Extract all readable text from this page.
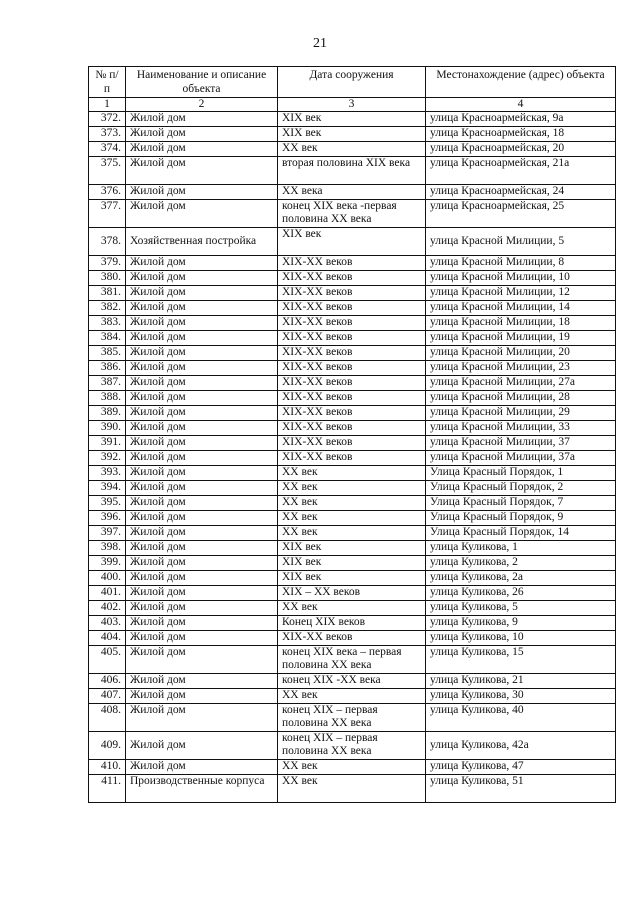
21
№ п/п	Наименование и описание объекта	Дата сооружения	Местонахождение (адрес) объекта
1	2	3	4
372.	Жилой дом	XIX век	улица Красноармейская, 9а
373.	Жилой дом	XIX век	улица Красноармейская, 18
374.	Жилой дом	XX век	улица Красноармейская, 20
375.	Жилой дом	вторая половина XIX века	улица Красноармейская, 21а
376.	Жилой дом	XX века	улица Красноармейская, 24
377.	Жилой дом	конец XIX века -первая половина XX века	улица Красноармейская, 25
378.	Хозяйственная постройка	XIX век	улица Красной Милиции, 5
379.	Жилой дом	XIX-XX веков	улица Красной Милиции, 8
380.	Жилой дом	XIX-XX веков	улица Красной Милиции, 10
381.	Жилой дом	XIX-XX веков	улица Красной Милиции, 12
382.	Жилой дом	XIX-XX веков	улица Красной Милиции, 14
383.	Жилой дом	XIX-XX веков	улица Красной Милиции, 18
384.	Жилой дом	XIX-XX веков	улица Красной Милиции, 19
385.	Жилой дом	XIX-XX веков	улица Красной Милиции, 20
386.	Жилой дом	XIX-XX веков	улица Красной Милиции, 23
387.	Жилой дом	XIX-XX веков	улица Красной Милиции, 27а
388.	Жилой дом	XIX-XX веков	улица Красной Милиции, 28
389.	Жилой дом	XIX-XX веков	улица Красной Милиции, 29
390.	Жилой дом	XIX-XX веков	улица Красной Милиции, 33
391.	Жилой дом	XIX-XX веков	улица Красной Милиции, 37
392.	Жилой дом	XIX-XX веков	улица Красной Милиции, 37а
393.	Жилой дом	XX век	Улица Красный Порядок, 1
394.	Жилой дом	XX век	Улица Красный Порядок, 2
395.	Жилой дом	XX век	Улица Красный Порядок, 7
396.	Жилой дом	XX век	Улица Красный Порядок, 9
397.	Жилой дом	XX век	Улица Красный Порядок, 14
398.	Жилой дом	XIX век	улица Куликова, 1
399.	Жилой дом	XIX век	улица Куликова, 2
400.	Жилой дом	XIX век	улица Куликова, 2а
401.	Жилой дом	XIX – XX веков	улица Куликова, 26
402.	Жилой дом	XX век	улица Куликова, 5
403.	Жилой дом	Конец XIX веков	улица Куликова, 9
404.	Жилой дом	XIX-XX веков	улица Куликова, 10
405.	Жилой дом	конец XIX века – первая половина XX века	улица Куликова, 15
406.	Жилой дом	конец XIX -XX века	улица Куликова, 21
407.	Жилой дом	XX век	улица Куликова, 30
408.	Жилой дом	конец XIX – первая половина XX века	улица Куликова, 40
409.	Жилой дом	конец XIX – первая половина XX века	улица Куликова, 42а
410.	Жилой дом	XX век	улица Куликова, 47
411.	Производственные корпуса	XX век	улица Куликова, 51
